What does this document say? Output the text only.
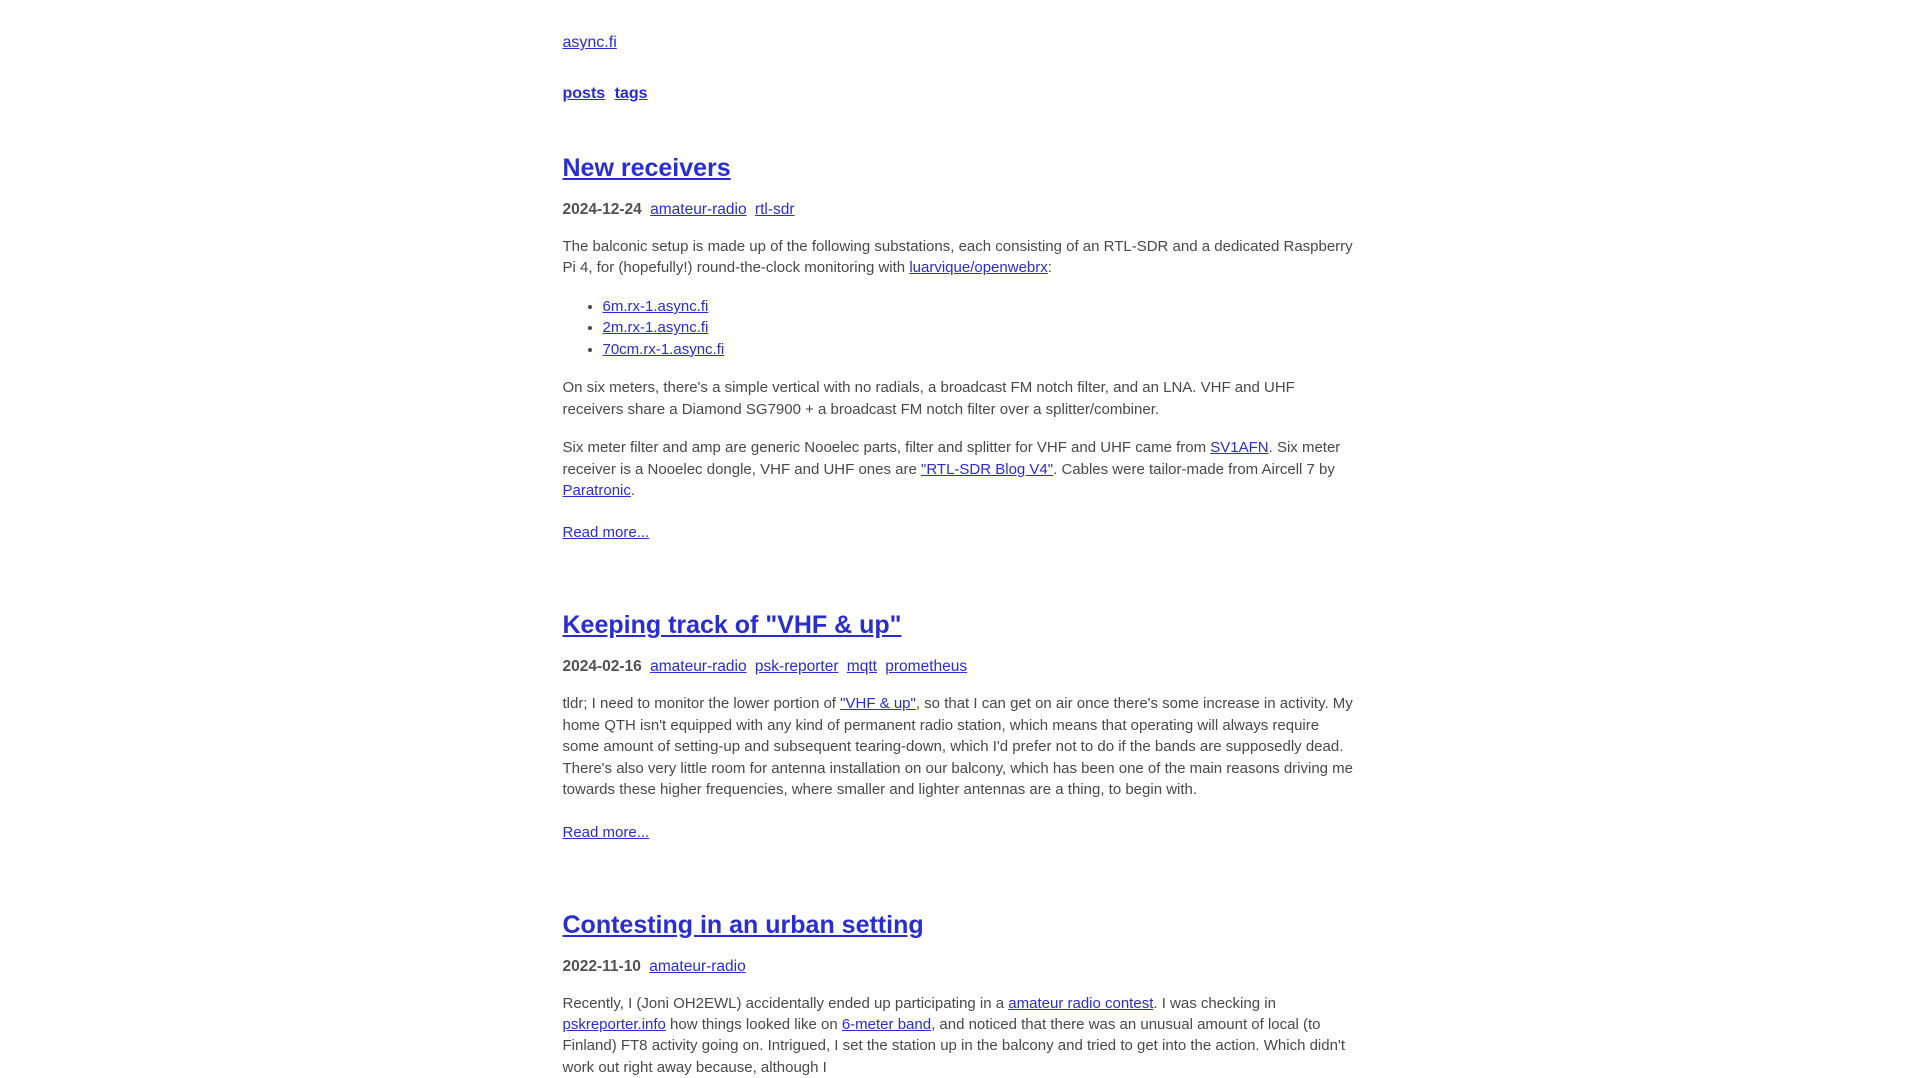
async.fi
posts tags
New receivers
2024-12-24 amateur-radio rtl-sdr

The balconic setup is made up of the following substations, each consisting of an RTL-SDR and a dedicated Raspberry Pi 4, for (hopefully!) round-the-clock monitoring with luarvique/openwebrx:

• 6m.rx-1.async.fi
• 2m.rx-1.async.fi
• 70cm.rx-1.async.fi

On six meters, there's a simple vertical with no radials, a broadcast FM notch filter, and an LNA. VHF and UHF receivers share a Diamond SG7900 + a broadcast FM notch filter over a splitter/combiner.

Six meter filter and amp are generic Nooelec parts, filter and splitter for VHF and UHF came from SV1AFN. Six meter receiver is a Nooelec dongle, VHF and UHF ones are "RTL-SDR Blog V4". Cables were tailor-made from Aircell 7 by Paratronic.

Read more...
Keeping track of "VHF & up"
2024-02-16 amateur-radio psk-reporter mqtt prometheus

tldr; I need to monitor the lower portion of "VHF & up", so that I can get on air once there's some increase in activity. My home QTH isn't equipped with any kind of permanent radio station, which means that operating will always require some amount of setting-up and subsequent tearing-down, which I'd prefer not to do if the bands are supposedly dead. There's also very little room for antenna installation on our balcony, which has been one of the main reasons driving me towards these higher frequencies, where smaller and lighter antennas are a thing, to begin with.

Read more...
Contesting in an urban setting
2022-11-10 amateur-radio

Recently, I (Joni OH2EWL) accidentally ended up participating in a amateur radio contest. I was checking in pskreporter.info how things looked like on 6-meter band, and noticed that there was an unusual amount of local (to Finland) FT8 activity going on. Intrigued, I set the station up in the balcony and tried to get into the action. Which didn't work out right away because, although I
